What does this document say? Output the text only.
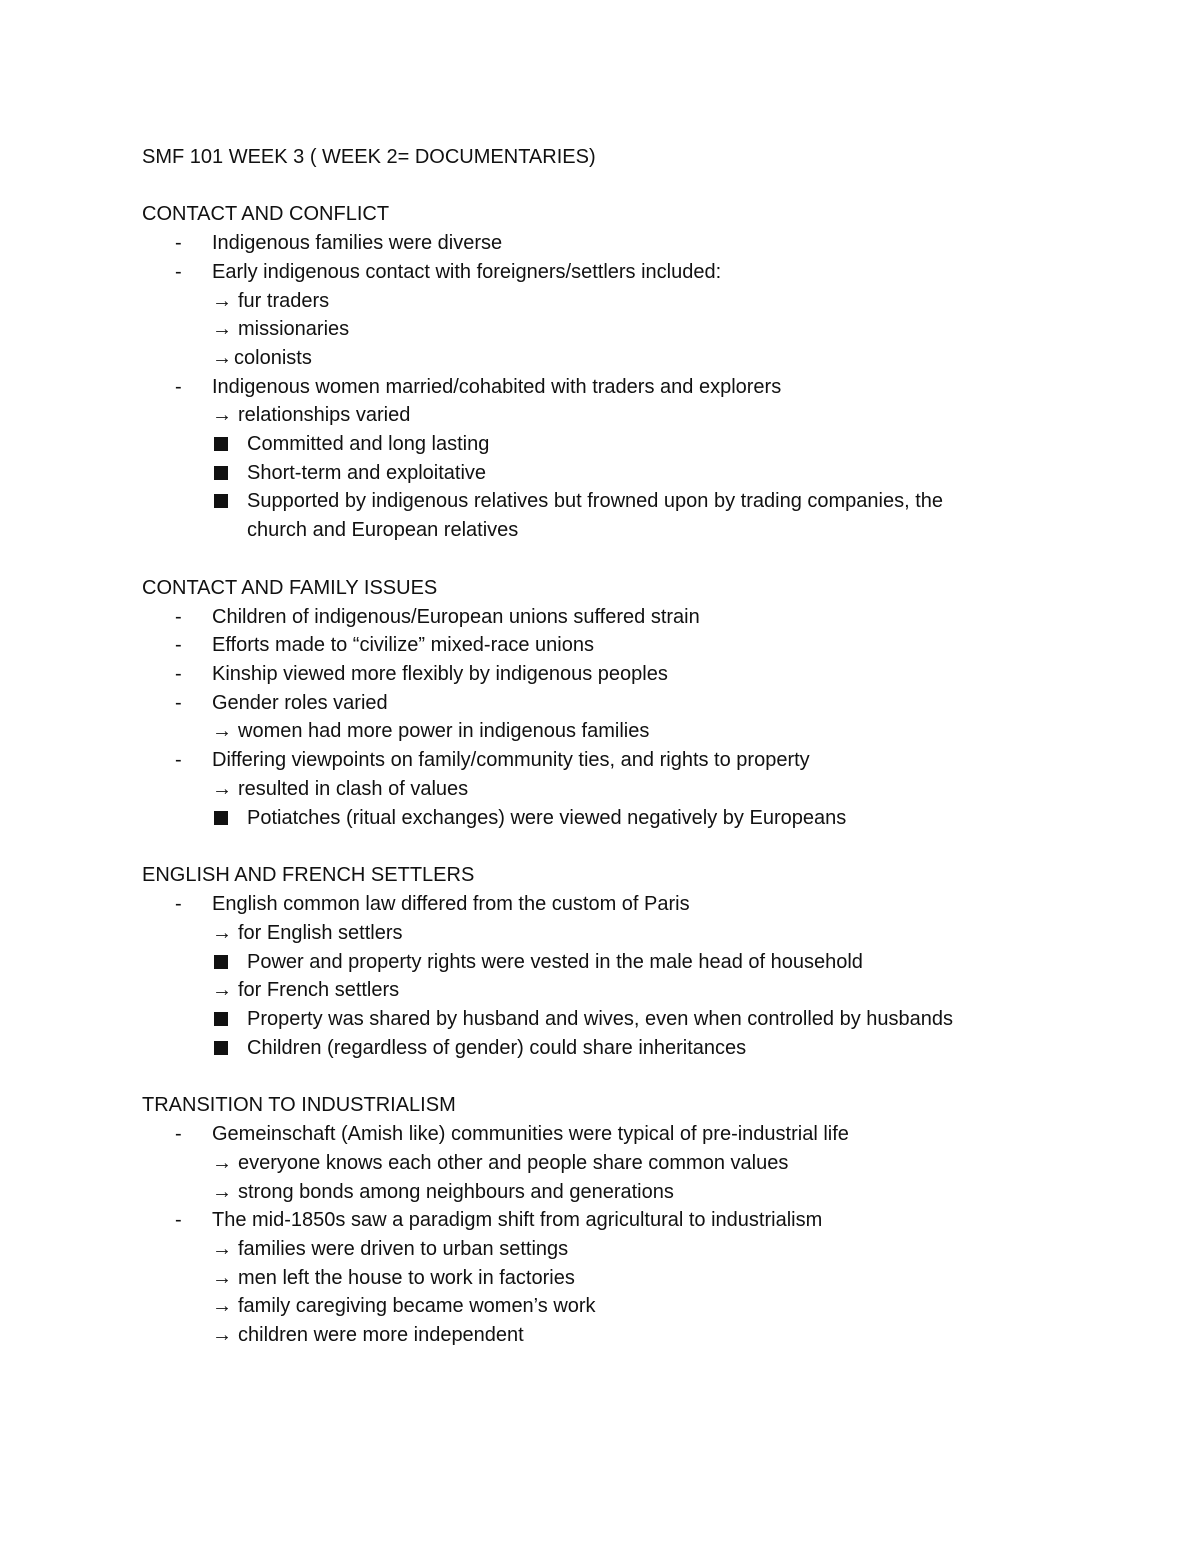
SMF 101 WEEK 3 ( WEEK 2= DOCUMENTARIES)
CONTACT AND CONFLICT
- Indigenous families were diverse
- Early indigenous contact with foreigners/settlers included:
→ fur traders
→ missionaries
→ colonists
- Indigenous women married/cohabited with traders and explorers
→ relationships varied
Committed and long lasting
Short-term and exploitative
Supported by indigenous relatives but frowned upon by trading companies, the
church and European relatives
CONTACT AND FAMILY ISSUES
- Children of indigenous/European unions suffered strain
- Efforts made to “civilize” mixed-race unions
- Kinship viewed more flexibly by indigenous peoples
- Gender roles varied
→ women had more power in indigenous families
- Differing viewpoints on family/community ties, and rights to property
→ resulted in clash of values
Potiatches (ritual exchanges) were viewed negatively by Europeans
ENGLISH AND FRENCH SETTLERS
- English common law differed from the custom of Paris
→ for English settlers
Power and property rights were vested in the male head of household
→ for French settlers
Property was shared by husband and wives, even when controlled by husbands
Children (regardless of gender) could share inheritances
TRANSITION TO INDUSTRIALISM
- Gemeinschaft (Amish like) communities were typical of pre-industrial life
→ everyone knows each other and people share common values
→ strong bonds among neighbours and generations
- The mid-1850s saw a paradigm shift from agricultural to industrialism
→ families were driven to urban settings
→ men left the house to work in factories
→ family caregiving became women’s work
→ children were more independent
